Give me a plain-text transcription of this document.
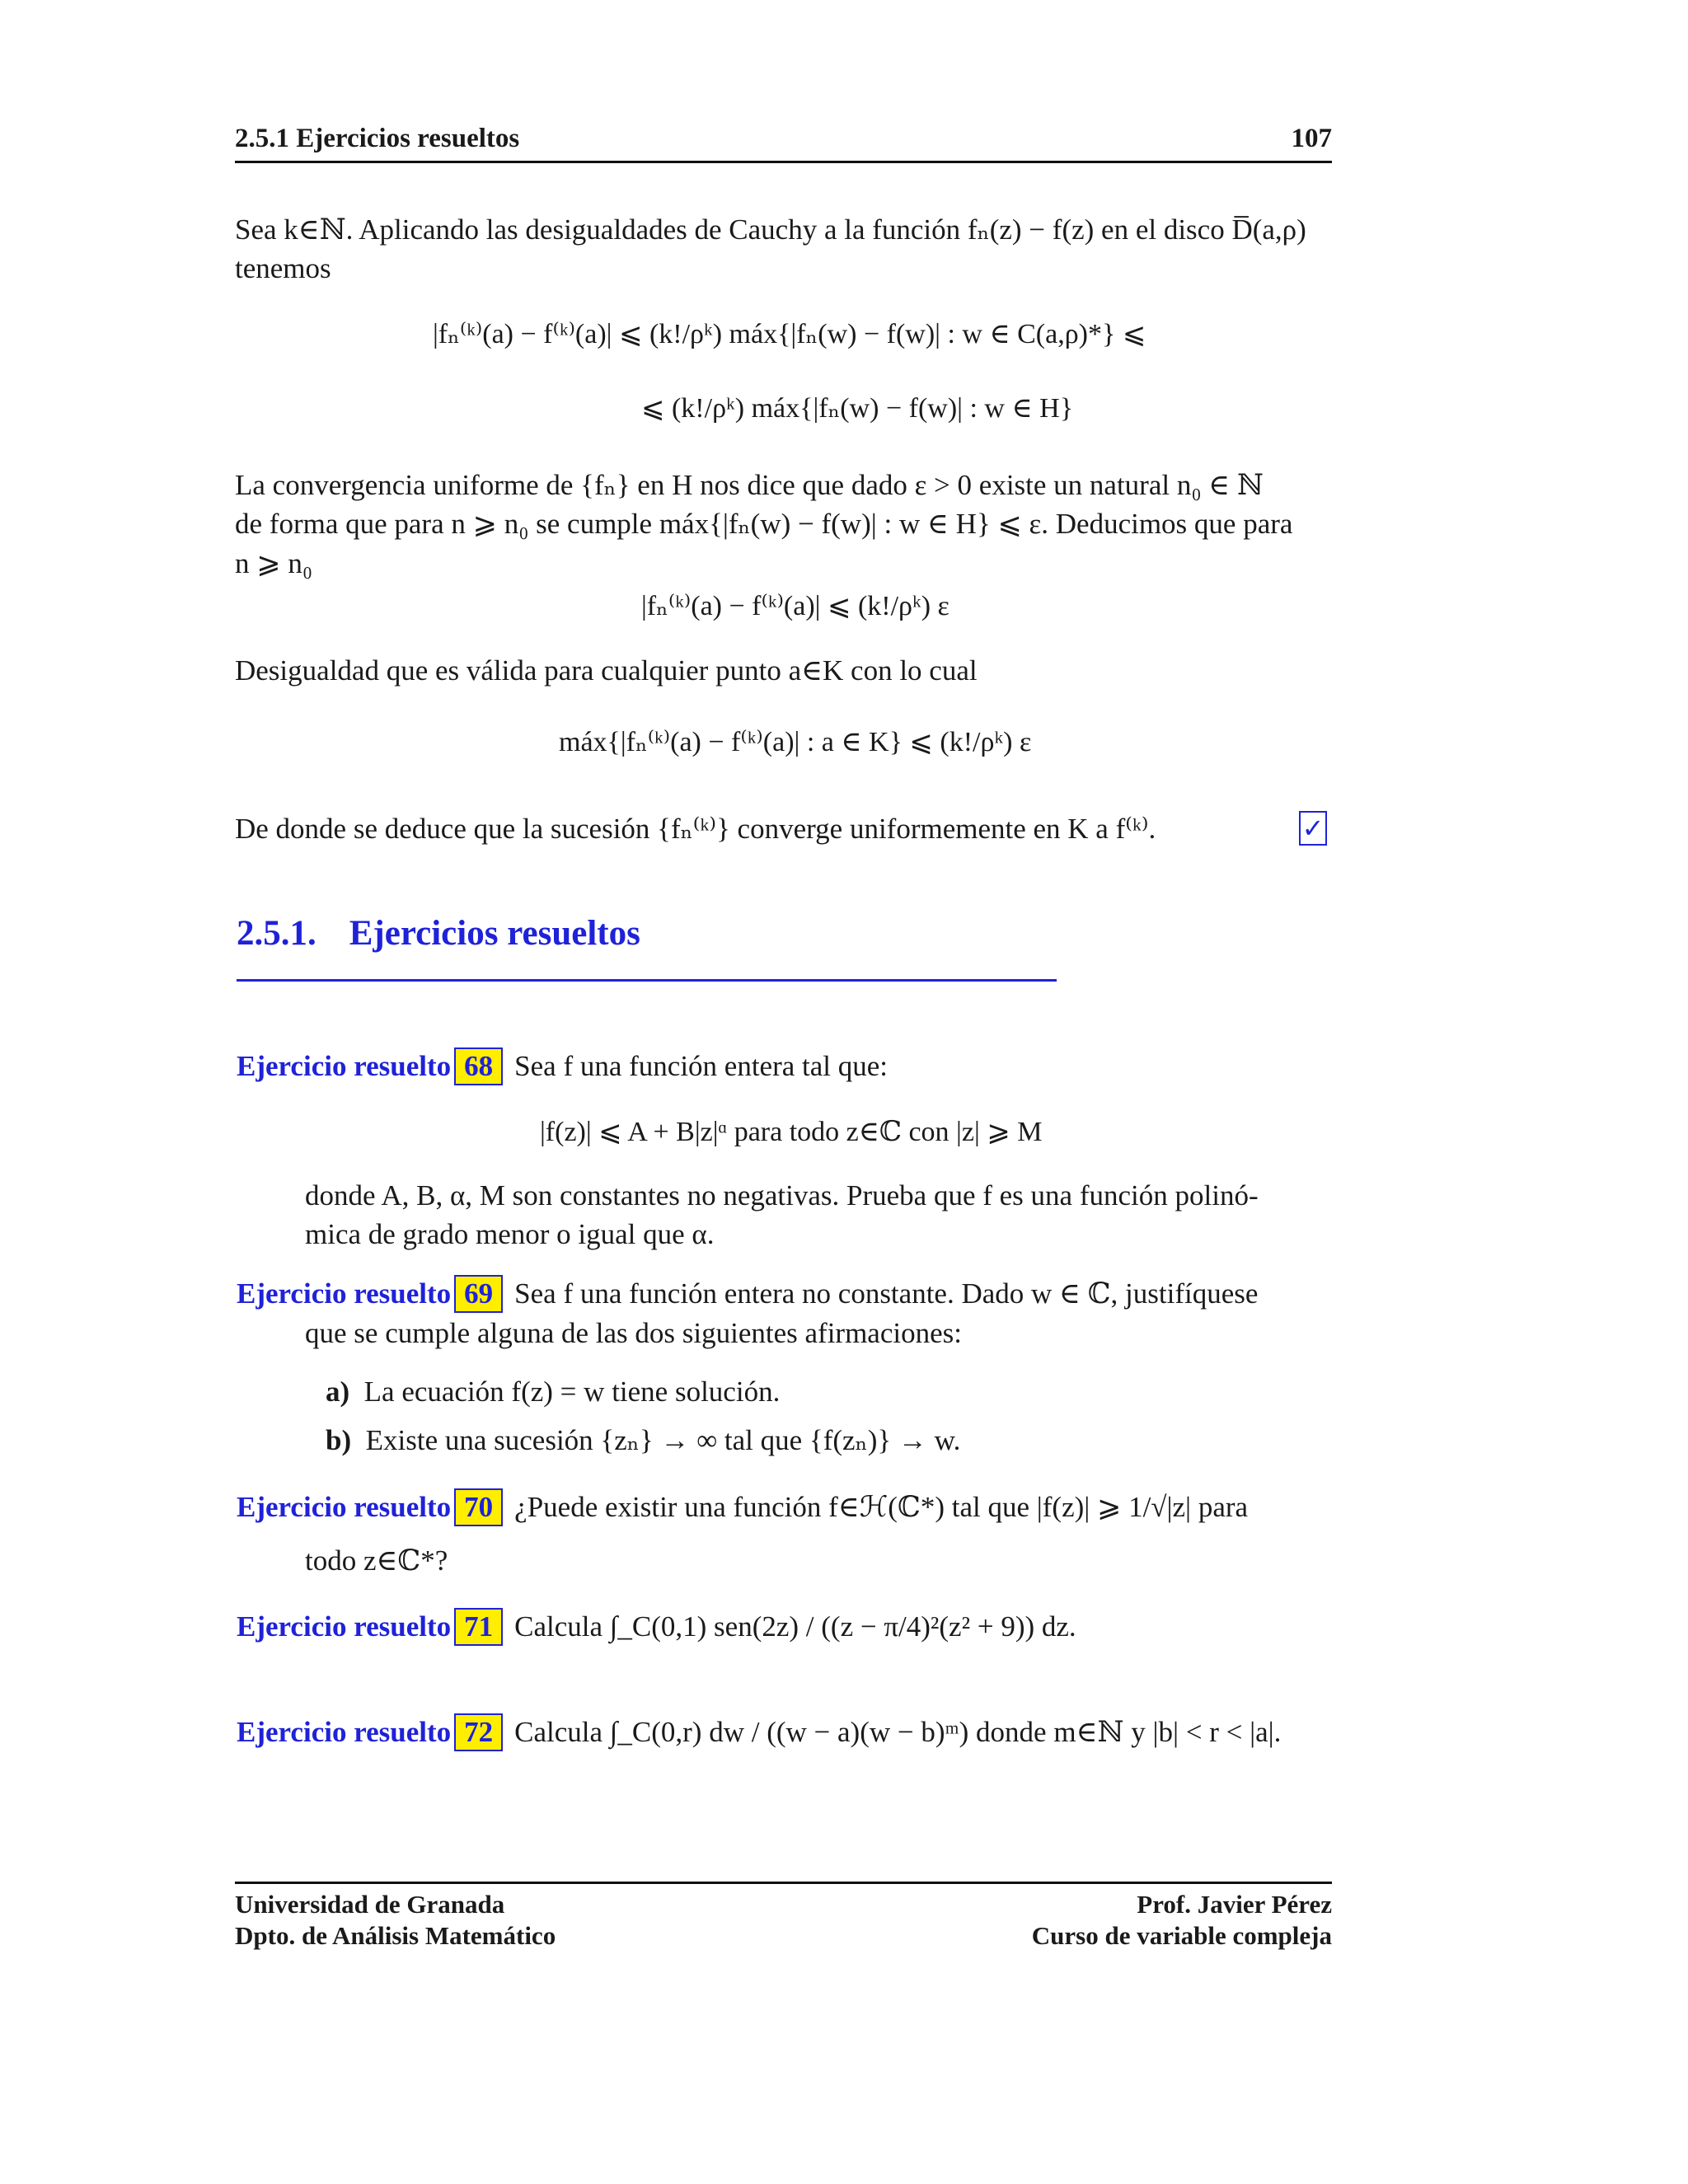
2.5.1 Ejercicios resueltos	107
Sea k∈ℕ. Aplicando las desigualdades de Cauchy a la función fₙ(z) − f(z) en el disco D̅(a,ρ)
tenemos
|fₙ⁽ᵏ⁾(a) − f⁽ᵏ⁾(a)| ⩽ (k!/ρᵏ) máx{|fₙ(w) − f(w)| : w ∈ C(a,ρ)*} ⩽
⩽ (k!/ρᵏ) máx{|fₙ(w) − f(w)| : w ∈ H}
La convergencia uniforme de {fₙ} en H nos dice que dado ε > 0 existe un natural n₀ ∈ ℕ
de forma que para n ⩾ n₀ se cumple máx{|fₙ(w) − f(w)| : w ∈ H} ⩽ ε. Deducimos que para
n ⩾ n₀
|fₙ⁽ᵏ⁾(a) − f⁽ᵏ⁾(a)| ⩽ (k!/ρᵏ) ε
Desigualdad que es válida para cualquier punto a∈K con lo cual
máx{|fₙ⁽ᵏ⁾(a) − f⁽ᵏ⁾(a)| : a ∈ K} ⩽ (k!/ρᵏ) ε
De donde se deduce que la sucesión {fₙ⁽ᵏ⁾} converge uniformemente en K a f⁽ᵏ⁾.	✓
2.5.1. Ejercicios resueltos
Ejercicio resuelto 68 Sea f una función entera tal que:
|f(z)| ⩽ A + B|z|ᵅ para todo z∈ℂ con |z| ⩾ M
donde A, B, α, M son constantes no negativas. Prueba que f es una función polinó-
mica de grado menor o igual que α.
Ejercicio resuelto 69 Sea f una función entera no constante. Dado w ∈ ℂ, justifíquese
que se cumple alguna de las dos siguientes afirmaciones:
a) La ecuación f(z) = w tiene solución.
b) Existe una sucesión {zₙ} → ∞ tal que {f(zₙ)} → w.
Ejercicio resuelto 70 ¿Puede existir una función f∈ℋ(ℂ*) tal que |f(z)| ⩾ 1/√|z| para
todo z∈ℂ*?
Ejercicio resuelto 71 Calcula ∫_C(0,1) sen(2z) / ((z − π/4)²(z² + 9)) dz.
Ejercicio resuelto 72 Calcula ∫_C(0,r) dw / ((w − a)(w − b)ᵐ) donde m∈ℕ y |b| < r < |a|.
Universidad de Granada
Dpto. de Análisis Matemático
Prof. Javier Pérez
Curso de variable compleja
